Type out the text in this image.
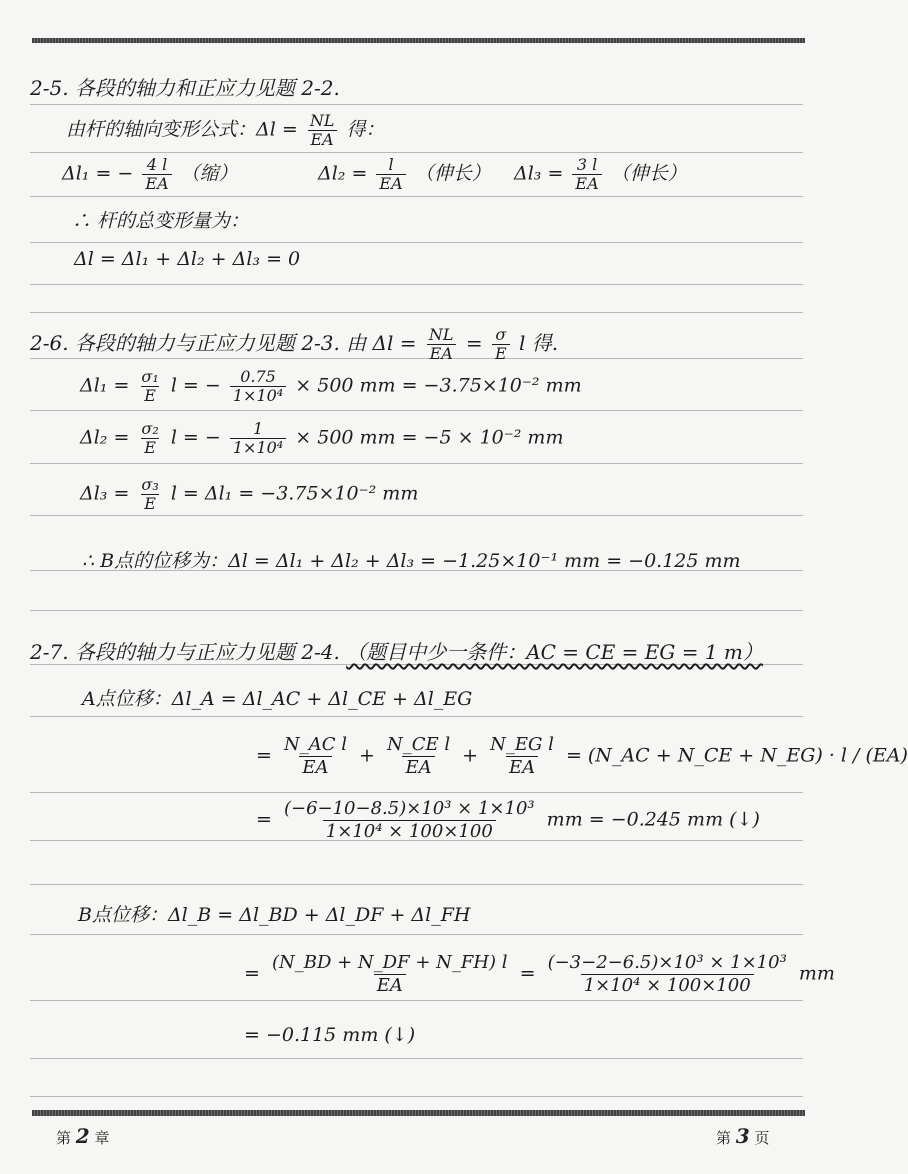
2-5. 各段的轴力和正应力见题 2-2.
由杆的轴向变形公式：$\Delta l = \frac{NL}{EA}$ 得：
Δl₁ = − $\frac{4 l}{EA}$ （缩）	$\Delta l_2 = \frac{l}{EA}$ （伸长） $\Delta l_3 = \frac{3 l}{EA}$ （伸长）
∴ 杆的总变形量为：
Δl = Δl₁ + Δl₂ + Δl₃ = 0
2-6. 各段的轴力与正应力见题 2-3. 由 $\Delta l = \frac{NL}{EA} = \frac{\sigma}{E}$ l 得.
$\Delta l_1 = \frac{\text{σ₁}}{E}$ l = − $\frac{0.75}{\text{1×10⁴}} \times 500$ mm = −3.75×10⁻² mm
$\Delta l_2 = \frac{\text{σ₂}}{E}$ l = − $\frac{1}{\text{1×10⁴}} \times 500$ mm = −5 × 10⁻² mm
$\Delta l_3 = \frac{\text{σ₃}}{E}$ l = Δl₁ = −3.75×10⁻² mm
∴ B点的位移为：Δl = Δl₁ + Δl₂ + Δl₃ = −1.25×10⁻¹ mm = −0.125 mm
2-7. 各段的轴力与正应力见题 2-4. （题目中少一条件：AC = CE = EG = 1 m）
A点位移：Δl_A = Δl_AC + Δl_CE + Δl_EG
= $\frac{\text{N\_AC l}}{EA} + \frac{\text{N\_CE l}}{EA} + \frac{\text{N\_EG l}}{EA}$ = (N_AC + N_CE + N_EG) · l / (EA)
= $\frac{\text{(−6−10−8.5)×10³ × 1×10³}}{\text{1×10⁴ × 100×100}}$ mm = −0.245 mm (↓)
B点位移：Δl_B = Δl_BD + Δl_DF + Δl_FH
= $\frac{(N\_BD + N\_DF + N\_FH) l}{EA} = \frac{\text{(−3−2−6.5)×10³ × 1×10³}}{\text{1×10⁴ × 100×100}}$ mm
= −0.115 mm (↓)
第 2 章	第 3 页
